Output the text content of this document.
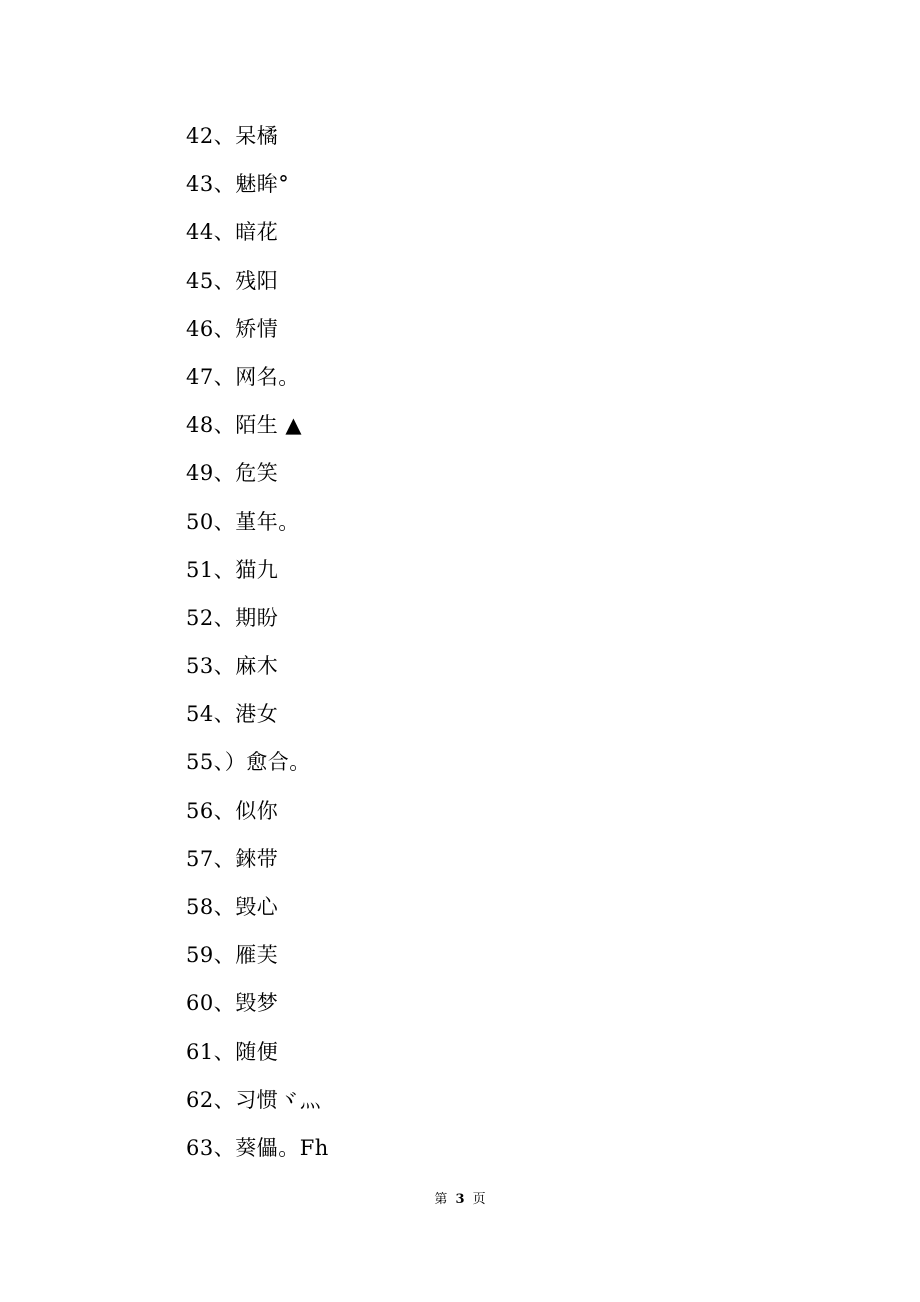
42、呆橘
43、魅眸°
44、暗花
45、残阳
46、矫情
47、网名。
48、陌生 ▲
49、危笑
50、堇年。
51、猫九
52、期盼
53、麻木
54、港女
55、）愈合。
56、似你
57、錸带
58、毁心
59、雁芙
60、毁梦
61、随便
62、习惯ヾ灬
63、葵儡。Fh
第 3 页
